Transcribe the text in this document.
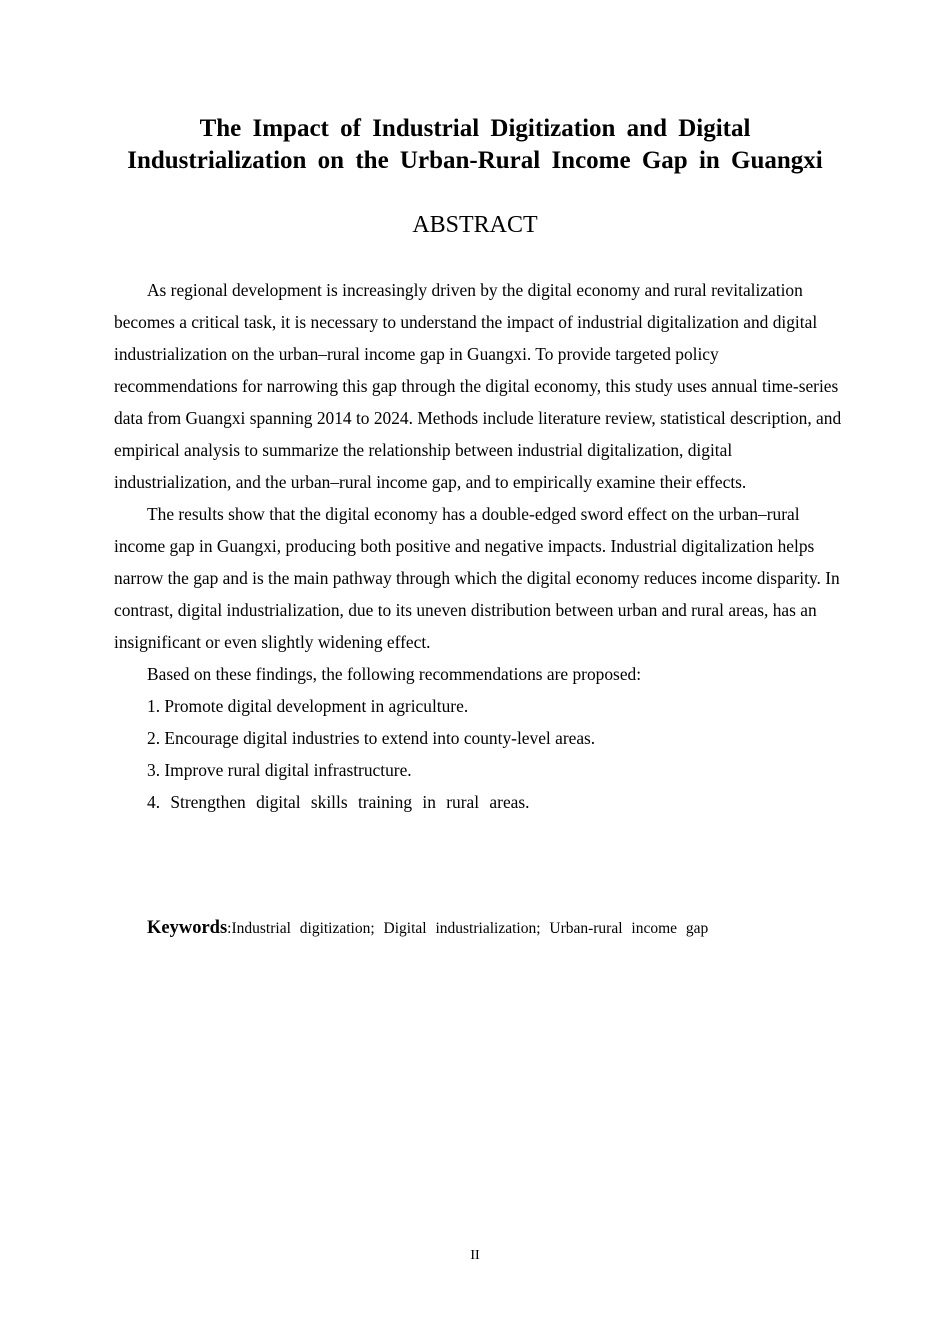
The Impact of Industrial Digitization and Digital
Industrialization on the Urban-Rural Income Gap in Guangxi
ABSTRACT

As regional development is increasingly driven by the digital economy and rural revitalization becomes a critical task, it is necessary to understand the impact of industrial digitalization and digital industrialization on the urban–rural income gap in Guangxi. To provide targeted policy recommendations for narrowing this gap through the digital economy, this study uses annual time-series data from Guangxi spanning 2014 to 2024. Methods include literature review, statistical description, and empirical analysis to summarize the relationship between industrial digitalization, digital industrialization, and the urban–rural income gap, and to empirically examine their effects.

The results show that the digital economy has a double-edged sword effect on the urban–rural income gap in Guangxi, producing both positive and negative impacts. Industrial digitalization helps narrow the gap and is the main pathway through which the digital economy reduces income disparity. In contrast, digital industrialization, due to its uneven distribution between urban and rural areas, has an insignificant or even slightly widening effect.

Based on these findings, the following recommendations are proposed:

1. Promote digital development in agriculture.

2. Encourage digital industries to extend into county-level areas.

3. Improve rural digital infrastructure.

4. Strengthen digital skills training in rural areas.

Keywords:Industrial digitization; Digital industrialization; Urban-rural income gap
II
